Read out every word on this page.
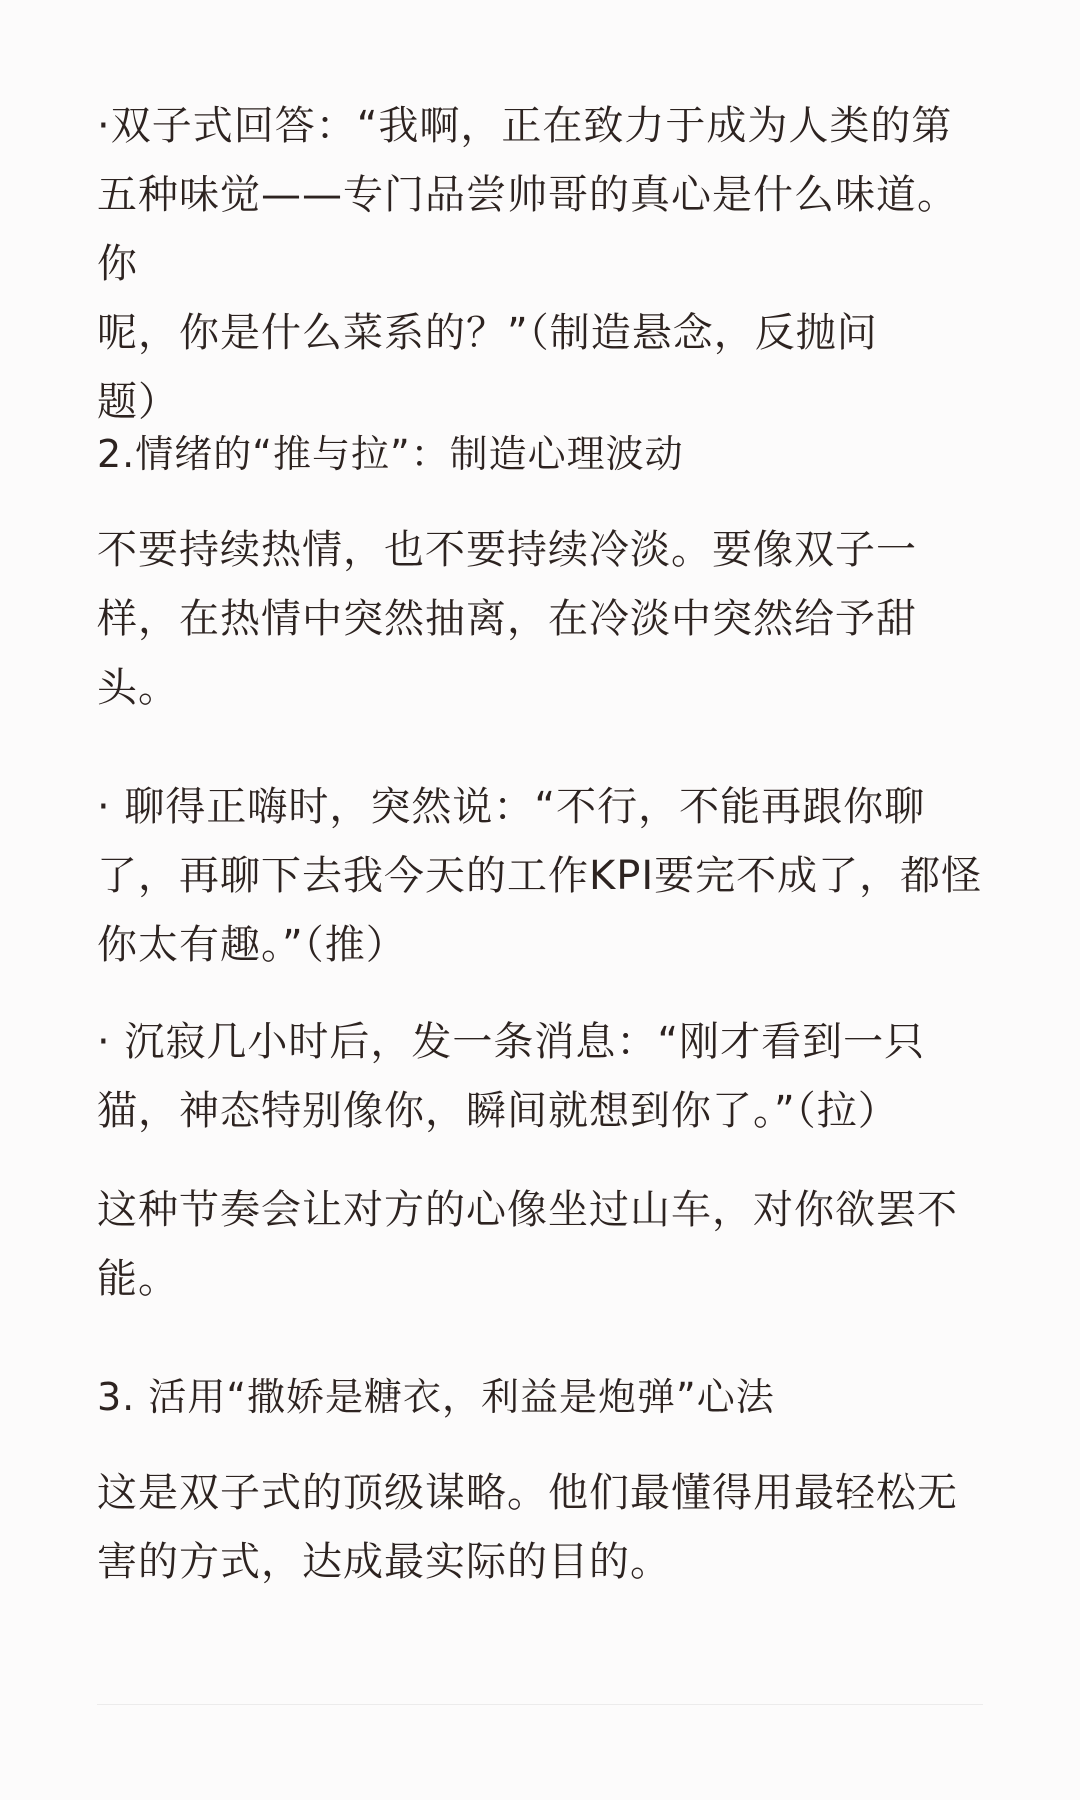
·双子式回答：“我啊，正在致力于成为人类的第
五种味觉——专门品尝帅哥的真心是什么味道。你
呢，你是什么菜系的？”（制造悬念，反抛问
题）

2.情绪的“推与拉”：制造心理波动

不要持续热情，也不要持续冷淡。要像双子一
样，在热情中突然抽离，在冷淡中突然给予甜
头。

· 聊得正嗨时，突然说：“不行，不能再跟你聊
了，再聊下去我今天的工作KPI要完不成了，都怪
你太有趣。”（推）

· 沉寂几小时后，发一条消息：“刚才看到一只
猫，神态特别像你，瞬间就想到你了。”（拉）

这种节奏会让对方的心像坐过山车，对你欲罢不
能。

3. 活用“撒娇是糖衣，利益是炮弹”心法

这是双子式的顶级谋略。他们最懂得用最轻松无
害的方式，达成最实际的目的。
